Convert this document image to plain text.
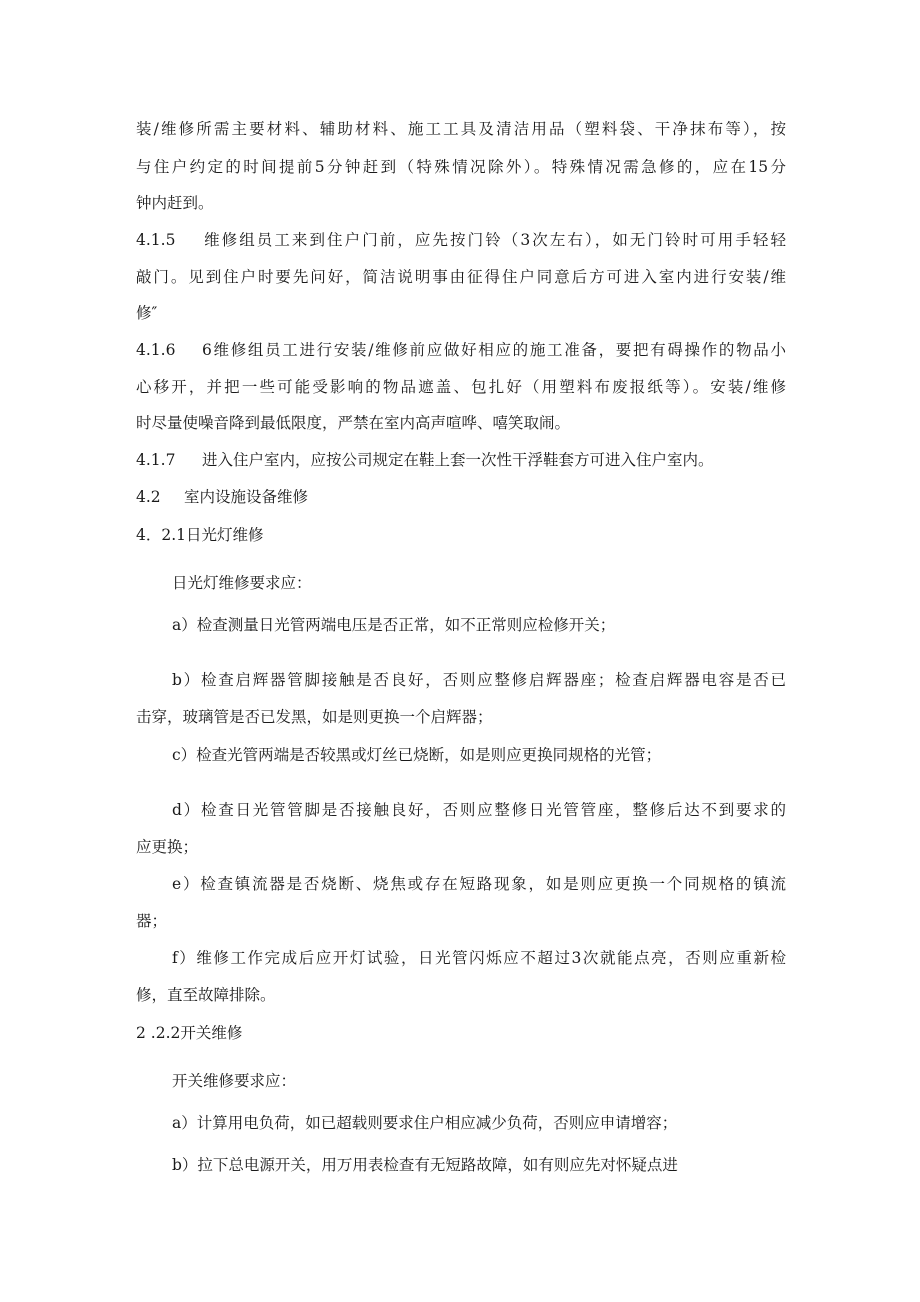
装/维修所需主要材料、辅助材料、施工工具及清洁用品（塑料袋、干净抹布等），按
与住户约定的时间提前5分钟赶到（特殊情况除外）。特殊情况需急修的，应在15分
钟内赶到。
4.1.5 维修组员工来到住户门前，应先按门铃（3次左右），如无门铃时可用手轻轻
敲门。见到住户时要先问好，简洁说明事由征得住户同意后方可进入室内进行安装/维
修″
4.1.6 6维修组员工进行安装/维修前应做好相应的施工准备，要把有碍操作的物品小
心移开，并把一些可能受影响的物品遮盖、包扎好（用塑料布废报纸等）。安装/维修
时尽量使噪音降到最低限度，严禁在室内高声喧哗、嘻笑取闹。
4.1.7 进入住户室内，应按公司规定在鞋上套一次性干浮鞋套方可进入住户室内。
4.2 室内设施设备维修
4．2.1日光灯维修
日光灯维修要求应：
a）检查测量日光管两端电压是否正常，如不正常则应检修开关；
b）检查启辉器管脚接触是否良好，否则应整修启辉器座；检查启辉器电容是否已
击穿，玻璃管是否已发黑，如是则更换一个启辉器；
c）检查光管两端是否较黑或灯丝已烧断，如是则应更换同规格的光管；
d）检查日光管管脚是否接触良好，否则应整修日光管管座，整修后达不到要求的
应更换；
e）检查镇流器是否烧断、烧焦或存在短路现象，如是则应更换一个同规格的镇流
器；
f）维修工作完成后应开灯试验，日光管闪烁应不超过3次就能点亮，否则应重新检
修，直至故障排除。
2 .2.2开关维修
开关维修要求应：
a）计算用电负荷，如已超载则要求住户相应减少负荷，否则应申请增容；
b）拉下总电源开关，用万用表检查有无短路故障，如有则应先对怀疑点进
